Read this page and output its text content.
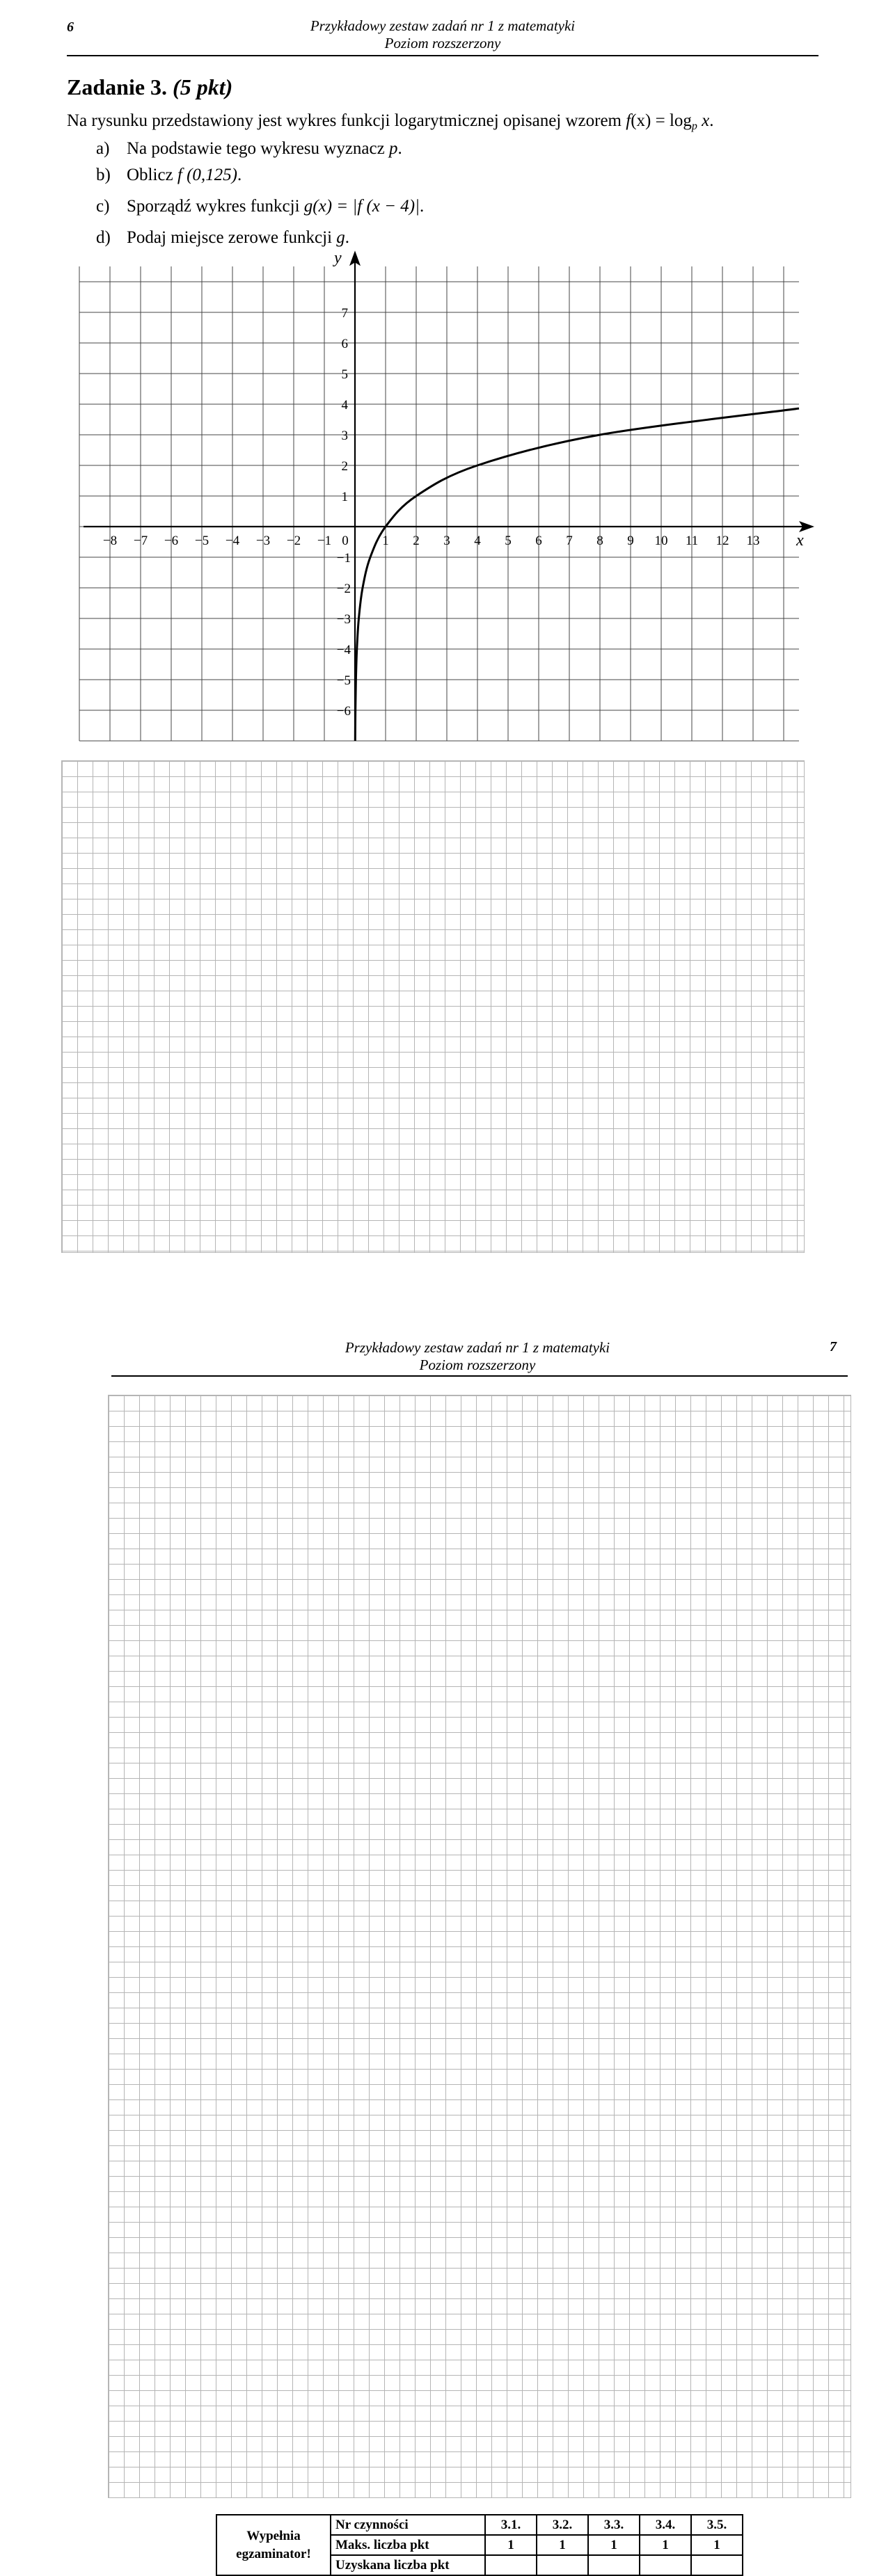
6	Przykładowy zestaw zadań nr 1 z matematyki
Poziom rozszerzony
Zadanie 3. (5 pkt)
Na rysunku przedstawiony jest wykres funkcji logarytmicznej opisanej wzorem $f(x) = \log_p x$.
a) Na podstawie tego wykresu wyznacz p.
b) Oblicz f (0,125).
c) Sporządź wykres funkcji g(x) = |f (x − 4)|.
d) Podaj miejsce zerowe funkcji g.
x
y
−8 −7 −6 −5 −4 −3 −2 −1 0	1 2 3 4 5 6 7 8 9 10 11 12 13
1
2
3
4
5
6
7
−1
−2
−3
−4
−5
−6
Przykładowy zestaw zadań nr 1 z matematyki
Poziom rozszerzony
7
Wypełnia
egzaminator!	Nr czynności	3.1.	3.2.	3.3.	3.4.	3.5.
	Maks. liczba pkt	1	1	1	1	1
	Uzyskana liczba pkt					
